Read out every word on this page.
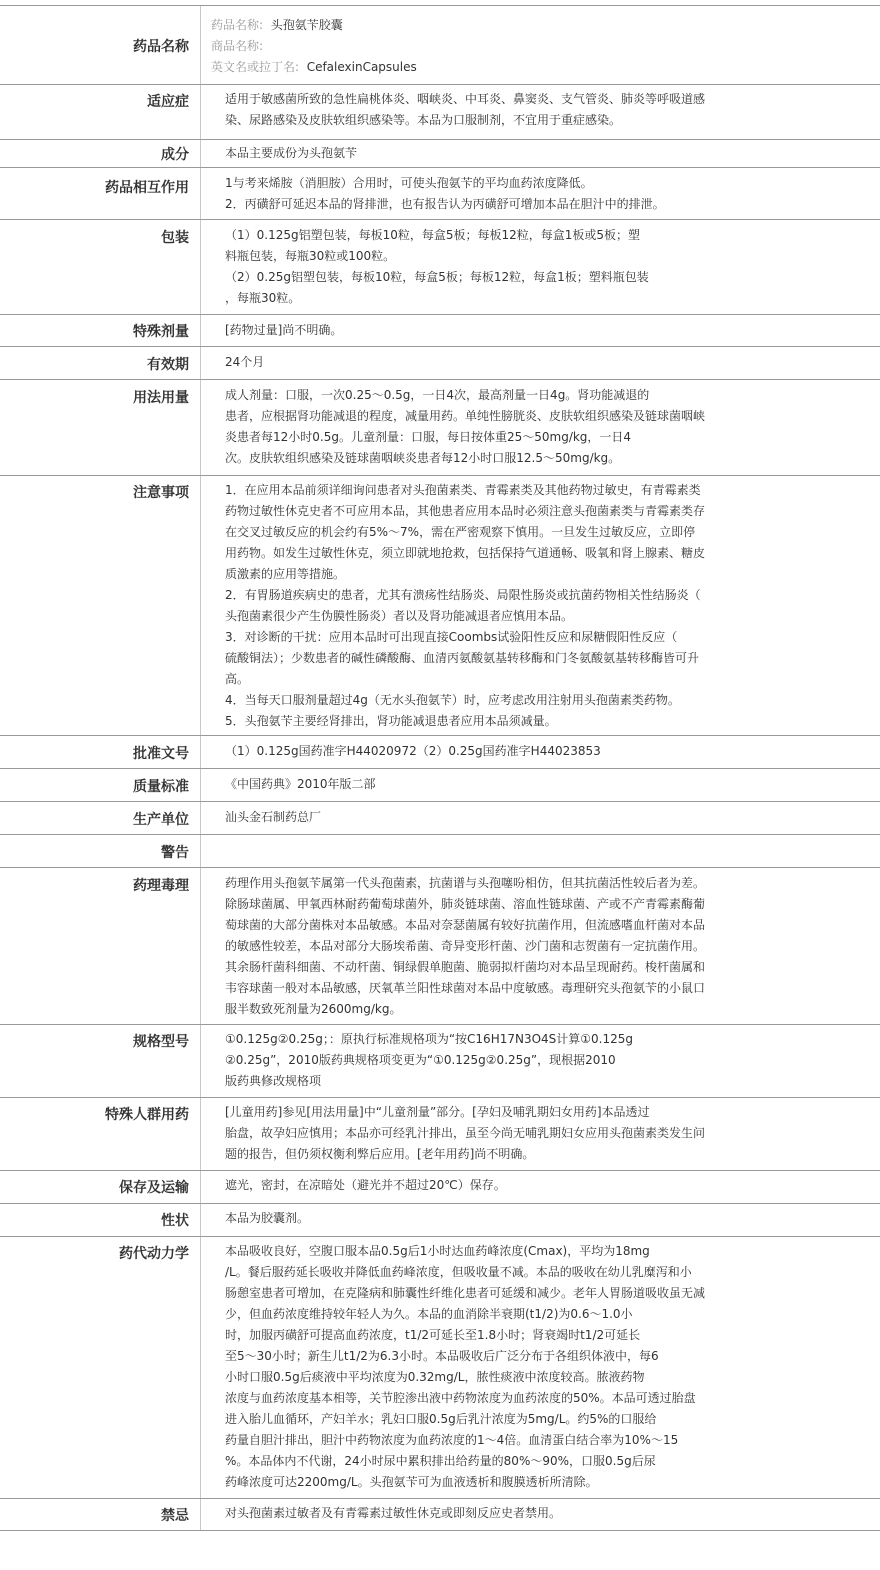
药品名称
药品名称: 头孢氨苄胶囊
商品名称:
英文名或拉丁名: CefalexinCapsules
适应症	适用于敏感菌所致的急性扁桃体炎、咽峡炎、中耳炎、鼻窦炎、支气管炎、肺炎等呼吸道感
染、尿路感染及皮肤软组织感染等。本品为口服制剂，不宜用于重症感染。
成分	本品主要成份为头孢氨苄
药品相互作用	1与考来烯胺（消胆胺）合用时，可使头孢氨苄的平均血药浓度降低。
2．丙磺舒可延迟本品的肾排泄，也有报告认为丙磺舒可增加本品在胆汁中的排泄。
包装	（1）0.125g铝塑包装，每板10粒，每盒5板；每板12粒，每盒1板或5板；塑
料瓶包装，每瓶30粒或100粒。
（2）0.25g铝塑包装，每板10粒，每盒5板；每板12粒，每盒1板；塑料瓶包装
，每瓶30粒。
特殊剂量	[药物过量]尚不明确。
有效期	24个月
用法用量	成人剂量：口服，一次0.25～0.5g，一日4次，最高剂量一日4g。肾功能减退的
患者，应根据肾功能减退的程度，减量用药。单纯性膀胱炎、皮肤软组织感染及链球菌咽峡
炎患者每12小时0.5g。儿童剂量：口服，每日按体重25～50mg/kg，一日4
次。皮肤软组织感染及链球菌咽峡炎患者每12小时口服12.5～50mg/kg。
注意事项	1．在应用本品前须详细询问患者对头孢菌素类、青霉素类及其他药物过敏史，有青霉素类
药物过敏性休克史者不可应用本品，其他患者应用本品时必须注意头孢菌素类与青霉素类存
在交叉过敏反应的机会约有5%～7%，需在严密观察下慎用。一旦发生过敏反应，立即停
用药物。如发生过敏性休克，须立即就地抢救，包括保持气道通畅、吸氧和肾上腺素、糖皮
质激素的应用等措施。
2．有胃肠道疾病史的患者，尤其有溃疡性结肠炎、局限性肠炎或抗菌药物相关性结肠炎（
头孢菌素很少产生伪膜性肠炎）者以及肾功能减退者应慎用本品。
3．对诊断的干扰：应用本品时可出现直接Coombs试验阳性反应和尿糖假阳性反应（
硫酸铜法）；少数患者的碱性磷酸酶、血清丙氨酸氨基转移酶和门冬氨酸氨基转移酶皆可升
高。
4．当每天口服剂量超过4g（无水头孢氨苄）时，应考虑改用注射用头孢菌素类药物。
5．头孢氨苄主要经肾排出，肾功能减退患者应用本品须减量。
批准文号	（1）0.125g国药准字H44020972（2）0.25g国药准字H44023853
质量标准	《中国药典》2010年版二部
生产单位	汕头金石制药总厂
警告
药理毒理	药理作用头孢氨苄属第一代头孢菌素，抗菌谱与头孢噻吩相仿，但其抗菌活性较后者为差。
除肠球菌属、甲氧西林耐药葡萄球菌外，肺炎链球菌、溶血性链球菌、产或不产青霉素酶葡
萄球菌的大部分菌株对本品敏感。本品对奈瑟菌属有较好抗菌作用，但流感嗜血杆菌对本品
的敏感性较差，本品对部分大肠埃希菌、奇异变形杆菌、沙门菌和志贺菌有一定抗菌作用。
其余肠杆菌科细菌、不动杆菌、铜绿假单胞菌、脆弱拟杆菌均对本品呈现耐药。梭杆菌属和
韦容球菌一般对本品敏感，厌氧革兰阳性球菌对本品中度敏感。毒理研究头孢氨苄的小鼠口
服半数致死剂量为2600mg/kg。
规格型号	①0.125g②0.25g；：原执行标准规格项为“按C16H17N3O4S计算①0.125g
②0.25g”，2010版药典规格项变更为“①0.125g②0.25g”，现根据2010
版药典修改规格项
特殊人群用药	[儿童用药]参见[用法用量]中“儿童剂量”部分。[孕妇及哺乳期妇女用药]本品透过
胎盘，故孕妇应慎用；本品亦可经乳汁排出，虽至今尚无哺乳期妇女应用头孢菌素类发生问
题的报告，但仍须权衡利弊后应用。[老年用药]尚不明确。
保存及运输	遮光，密封，在凉暗处（避光并不超过20℃）保存。
性状	本品为胶囊剂。
药代动力学	本品吸收良好，空腹口服本品0.5g后1小时达血药峰浓度(Cmax)，平均为18mg
/L。餐后服药延长吸收并降低血药峰浓度，但吸收量不减。本品的吸收在幼儿乳糜泻和小
肠憩室患者可增加，在克隆病和肺囊性纤维化患者可延缓和减少。老年人胃肠道吸收虽无减
少，但血药浓度维持较年轻人为久。本品的血消除半衰期(t1/2)为0.6～1.0小
时，加服丙磺舒可提高血药浓度，t1/2可延长至1.8小时；肾衰竭时t1/2可延长
至5～30小时；新生儿t1/2为6.3小时。本品吸收后广泛分布于各组织体液中，每6
小时口服0.5g后痰液中平均浓度为0.32mg/L，脓性痰液中浓度较高。脓液药物
浓度与血药浓度基本相等，关节腔渗出液中药物浓度为血药浓度的50%。本品可透过胎盘
进入胎儿血循环，产妇羊水；乳妇口服0.5g后乳汁浓度为5mg/L。约5%的口服给
药量自胆汁排出，胆汁中药物浓度为血药浓度的1～4倍。血清蛋白结合率为10%～15
%。本品体内不代谢，24小时尿中累积排出给药量的80%～90%，口服0.5g后尿
药峰浓度可达2200mg/L。头孢氨苄可为血液透析和腹膜透析所清除。
禁忌	对头孢菌素过敏者及有青霉素过敏性休克或即刻反应史者禁用。
